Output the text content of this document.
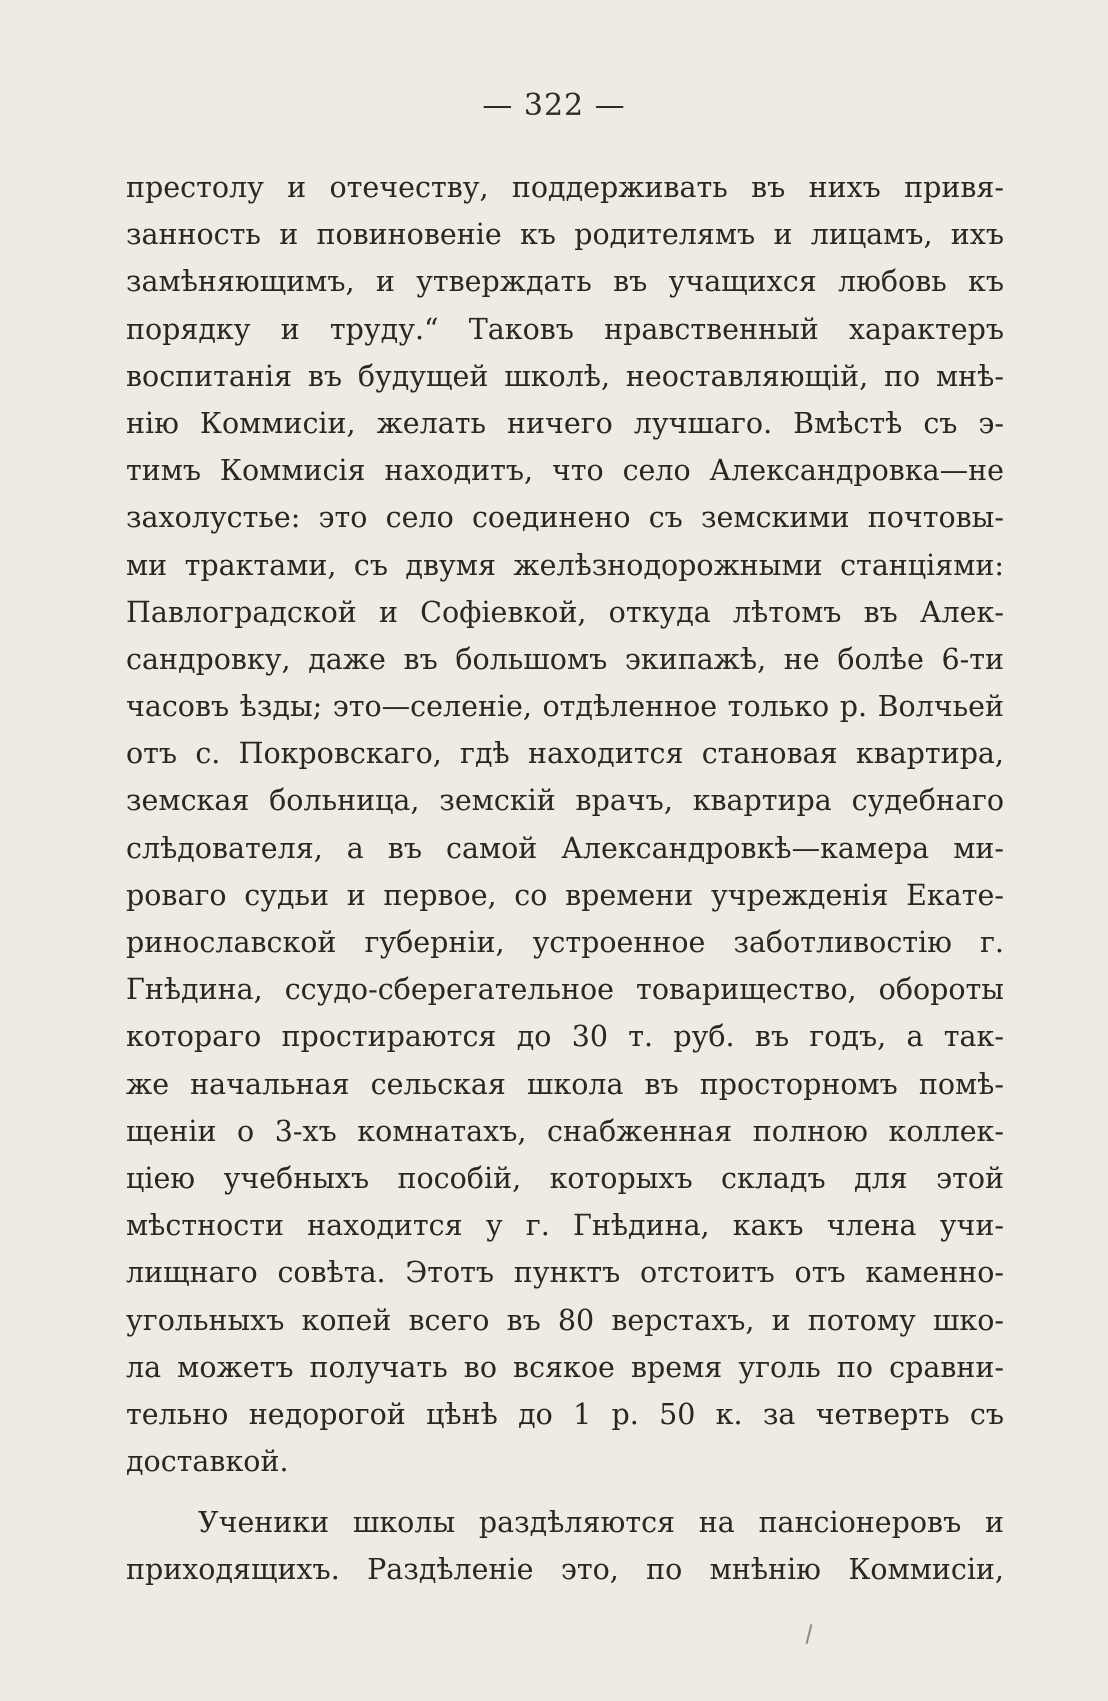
— 322 —
престолу и отечеству, поддерживать въ нихъ привя-
занность и повиновеніе къ родителямъ и лицамъ, ихъ
замѣняющимъ, и утверждать въ учащихся любовь къ
порядку и труду.“ Таковъ нравственный характеръ
воспитанія въ будущей школѣ, неоставляющій, по мнѣ-
нію Коммисіи, желать ничего лучшаго. Вмѣстѣ съ э-
тимъ Коммисія находитъ, что село Александровка—не
захолустье: это село соединено съ земскими почтовы-
ми трактами, съ двумя желѣзнодорожными станціями:
Павлоградской и Софіевкой, откуда лѣтомъ въ Алек-
сандровку, даже въ большомъ экипажѣ, не болѣе 6-ти
часовъ ѣзды; это—селеніе, отдѣленное только р. Волчьей
отъ с. Покровскаго, гдѣ находится становая квартира,
земская больница, земскій врачъ, квартира судебнаго
слѣдователя, а въ самой Александровкѣ—камера ми-
роваго судьи и первое, со времени учрежденія Екате-
ринославской губерніи, устроенное заботливостію г.
Гнѣдина, ссудо-сберегательное товарищество, обороты
котораго простираются до 30 т. руб. въ годъ, а так-
же начальная сельская школа въ просторномъ помѣ-
щеніи о 3-хъ комнатахъ, снабженная полною коллек-
ціею учебныхъ пособій, которыхъ складъ для этой
мѣстности находится у г. Гнѣдина, какъ члена учи-
лищнаго совѣта. Этотъ пунктъ отстоитъ отъ каменно-
угольныхъ копей всего въ 80 верстахъ, и потому шко-
ла можетъ получать во всякое время уголь по сравни-
тельно недорогой цѣнѣ до 1 р. 50 к. за четверть съ
доставкой.
Ученики школы раздѣляются на пансіонеровъ и
приходящихъ. Раздѣленіе это, по мнѣнію Коммисіи,
